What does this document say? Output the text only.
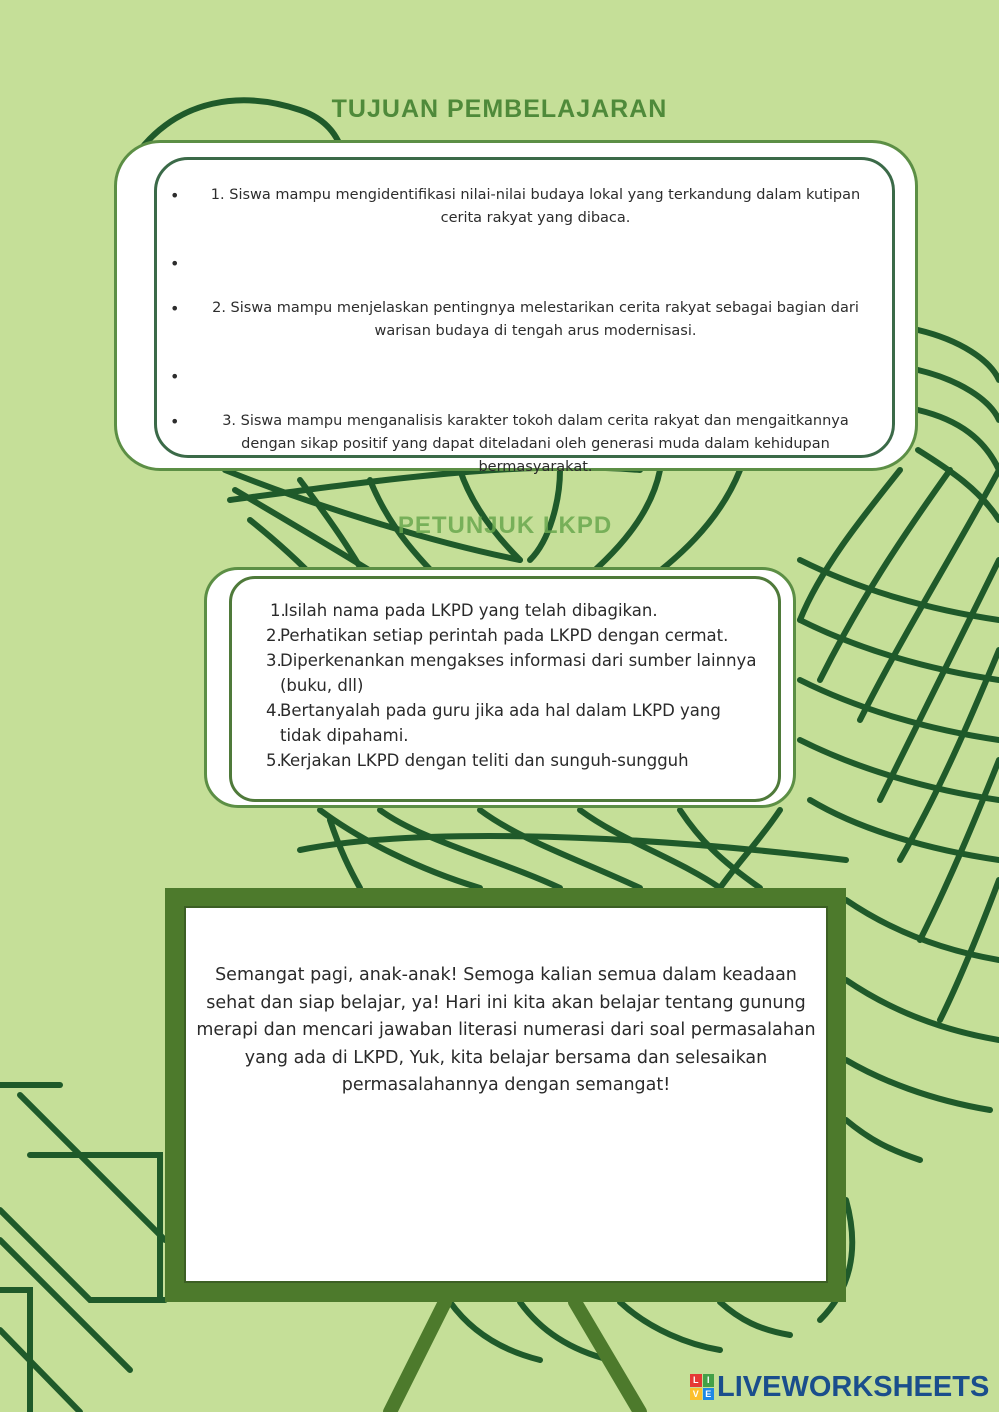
TUJUAN PEMBELAJARAN
•	1. Siswa mampu mengidentifikasi nilai-nilai budaya lokal yang terkandung dalam kutipan cerita rakyat yang dibaca.
•
•	2. Siswa mampu menjelaskan pentingnya melestarikan cerita rakyat sebagai bagian dari warisan budaya di tengah arus modernisasi.
•
•	3. Siswa mampu menganalisis karakter tokoh dalam cerita rakyat dan mengaitkannya dengan sikap positif yang dapat diteladani oleh generasi muda dalam kehidupan bermasyarakat.
PETUNJUK LKPD
1.
Isilah nama pada LKPD yang telah dibagikan.
2.
Perhatikan setiap perintah pada LKPD dengan cermat.
3.
Diperkenankan mengakses informasi dari sumber lainnya (buku, dll)
4.
Bertanyalah pada guru jika ada hal dalam LKPD yang tidak dipahami.
5.
Kerjakan LKPD dengan teliti dan sunguh-sungguh

Semangat pagi, anak-anak! Semoga kalian semua dalam keadaan sehat dan siap belajar, ya! Hari ini kita akan belajar tentang gunung merapi dan mencari jawaban literasi numerasi dari soal permasalahan yang ada di LKPD, Yuk, kita belajar bersama dan selesaikan permasalahannya dengan semangat!

L I
V E LIVEWORKSHEETS
